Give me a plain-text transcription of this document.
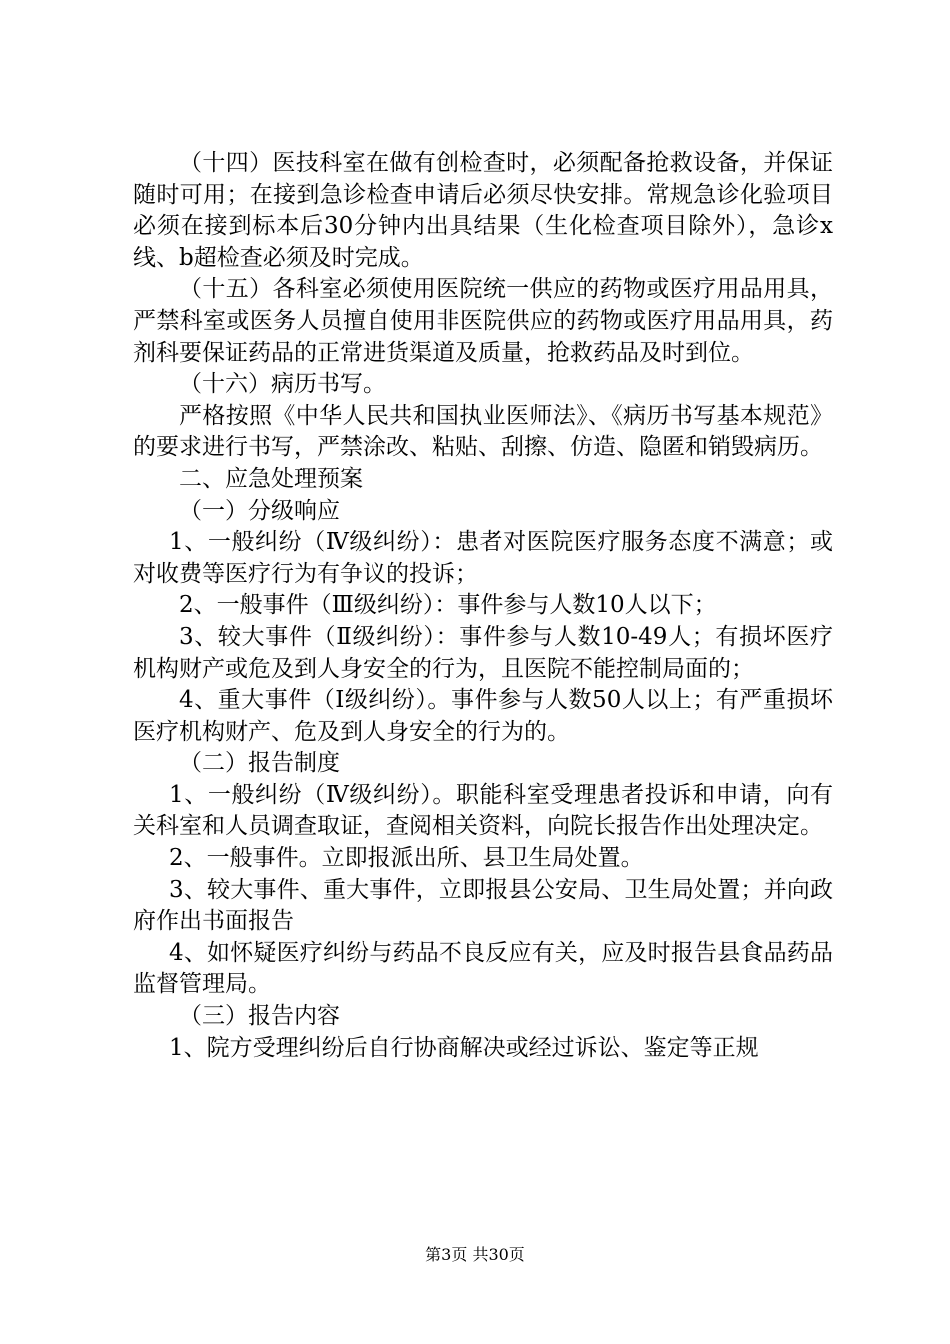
（十四）医技科室在做有创检查时，必须配备抢救设备，并保证随时可用；在接到急诊检查申请后必须尽快安排。常规急诊化验项目必须在接到标本后30分钟内出具结果（生化检查项目除外），急诊x线、b超检查必须及时完成。

（十五）各科室必须使用医院统一供应的药物或医疗用品用具，严禁科室或医务人员擅自使用非医院供应的药物或医疗用品用具，药剂科要保证药品的正常进货渠道及质量，抢救药品及时到位。

（十六）病历书写。

严格按照《中华人民共和国执业医师法》、《病历书写基本规范》的要求进行书写，严禁涂改、粘贴、刮擦、仿造、隐匿和销毁病历。

二、应急处理预案

（一）分级响应

1、一般纠纷（Ⅳ级纠纷）：患者对医院医疗服务态度不满意；或对收费等医疗行为有争议的投诉；

2、一般事件（Ⅲ级纠纷）：事件参与人数10人以下；

3、较大事件（Ⅱ级纠纷）：事件参与人数10-49人；有损坏医疗机构财产或危及到人身安全的行为，且医院不能控制局面的；

4、重大事件（Ⅰ级纠纷）。事件参与人数50人以上；有严重损坏医疗机构财产、危及到人身安全的行为的。

（二）报告制度

1、一般纠纷（Ⅳ级纠纷）。职能科室受理患者投诉和申请，向有关科室和人员调查取证，查阅相关资料，向院长报告作出处理决定。

2、一般事件。立即报派出所、县卫生局处置。

3、较大事件、重大事件，立即报县公安局、卫生局处置；并向政府作出书面报告

4、如怀疑医疗纠纷与药品不良反应有关，应及时报告县食品药品监督管理局。

（三）报告内容

1、院方受理纠纷后自行协商解决或经过诉讼、鉴定等正规

第3页 共30页
